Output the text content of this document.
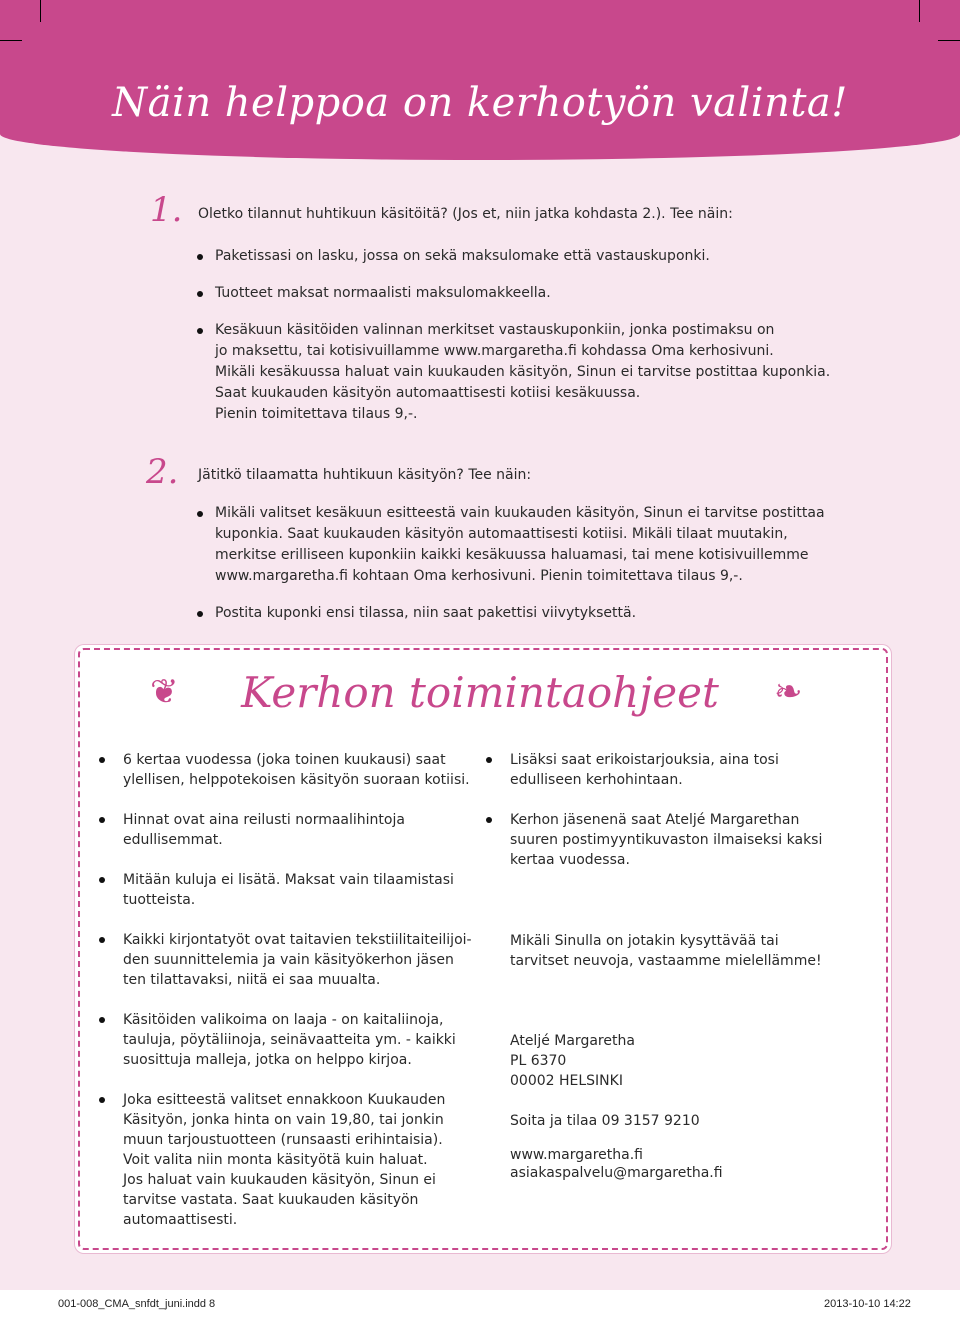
Näin helppoa on kerhotyön valinta!
1. Oletko tilannut huhtikuun käsitöitä? (Jos et, niin jatka kohdasta 2.). Tee näin:
Paketissasi on lasku, jossa on sekä maksulomake että vastauskuponki.
Tuotteet maksat normaalisti maksulomakkeella.
Kesäkuun käsitöiden valinnan merkitset vastauskuponkiin, jonka postimaksu on
jo maksettu, tai kotisivuillamme www.margaretha.fi kohdassa Oma kerhosivuni.
Mikäli kesäkuussa haluat vain kuukauden käsityön, Sinun ei tarvitse postittaa kuponkia.
Saat kuukauden käsityön automaattisesti kotiisi kesäkuussa.
Pienin toimitettava tilaus 9,-.
2. Jätitkö tilaamatta huhtikuun käsityön? Tee näin:
Mikäli valitset kesäkuun esitteestä vain kuukauden käsityön, Sinun ei tarvitse postittaa
kuponkia. Saat kuukauden käsityön automaattisesti kotiisi. Mikäli tilaat muutakin,
merkitse erilliseen kuponkiin kaikki kesäkuussa haluamasi, tai mene kotisivuillemme
www.margaretha.fi kohtaan Oma kerhosivuni. Pienin toimitettava tilaus 9,-.
Postita kuponki ensi tilassa, niin saat pakettisi viivytyksettä.
❦	❧
Kerhon toimintaohjeet
6 kertaa vuodessa (joka toinen kuukausi) saat
ylellisen, helppotekoisen käsityön suoraan kotiisi.
Hinnat ovat aina reilusti normaalihintoja
edullisemmat.
Mitään kuluja ei lisätä. Maksat vain tilaamistasi
tuotteista.
Kaikki kirjontatyöt ovat taitavien tekstiilitaiteilijoi-
den suunnittelemia ja vain käsityökerhon jäsen
ten tilattavaksi, niitä ei saa muualta.
Käsitöiden valikoima on laaja - on kaitaliinoja,
tauluja, pöytäliinoja, seinävaatteita ym. - kaikki
suosittuja malleja, jotka on helppo kirjoa.
Joka esitteestä valitset ennakkoon Kuukauden
Käsityön, jonka hinta on vain 19,80, tai jonkin
muun tarjoustuotteen (runsaasti erihintaisia).
Voit valita niin monta käsityötä kuin haluat.
Jos haluat vain kuukauden käsityön, Sinun ei
tarvitse vastata. Saat kuukauden käsityön
automaattisesti.
Lisäksi saat erikoistarjouksia, aina tosi
edulliseen kerhohintaan.
Kerhon jäsenenä saat Ateljé Margarethan
suuren postimyyntikuvaston ilmaiseksi kaksi
kertaa vuodessa.
Mikäli Sinulla on jotakin kysyttävää tai
tarvitset neuvoja, vastaamme mielellämme!
Ateljé Margaretha
PL 6370
00002 HELSINKI
Soita ja tilaa 09 3157 9210
www.margaretha.fi
asiakaspalvelu@margaretha.fi
001-008_CMA_snfdt_juni.indd 8	2013-10-10 14:22
